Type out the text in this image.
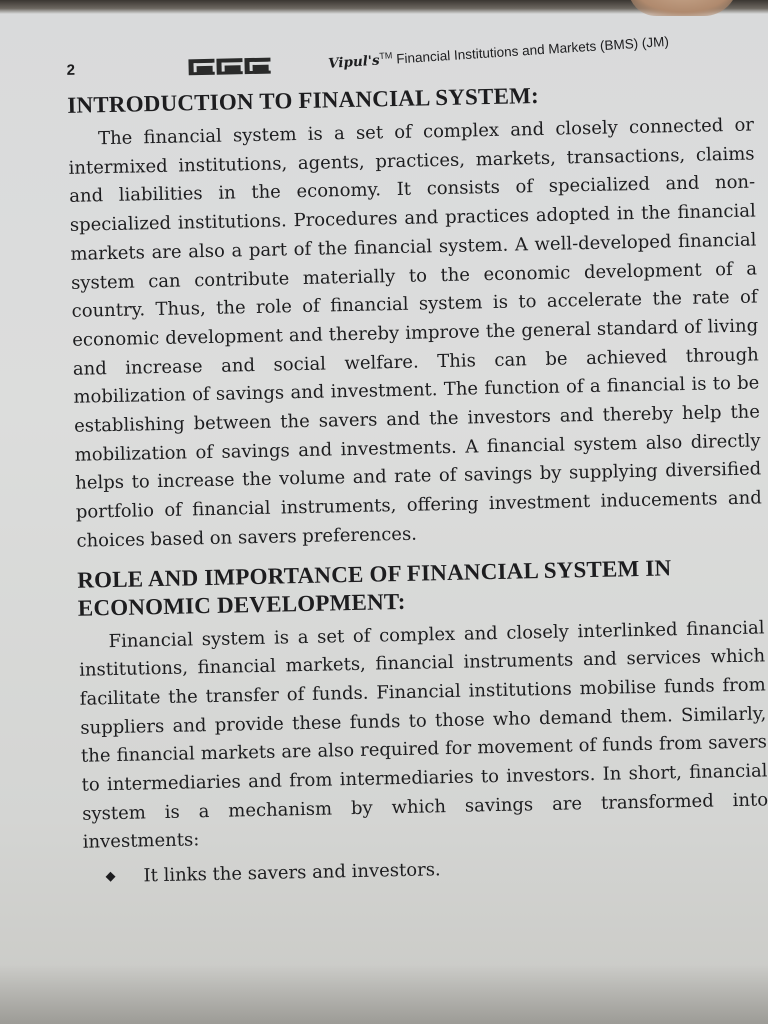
2	Vipul's™ Financial Institutions and Markets (BMS) (JM)
INTRODUCTION TO FINANCIAL SYSTEM:

The financial system is a set of complex and closely connected or intermixed institutions, agents, practices, markets, transactions, claims and liabilities in the economy. It consists of specialized and non-specialized institutions. Procedures and practices adopted in the financial markets are also a part of the financial system. A well-developed financial system can contribute materially to the economic development of a country. Thus, the role of financial system is to accelerate the rate of economic development and thereby improve the general standard of living and increase and social welfare. This can be achieved through mobilization of savings and investment. The function of a financial is to be establishing between the savers and the investors and thereby help the mobilization of savings and investments. A financial system also directly helps to increase the volume and rate of savings by supplying diversified portfolio of financial instruments, offering investment inducements and choices based on savers preferences.

ROLE AND IMPORTANCE OF FINANCIAL SYSTEM IN ECONOMIC DEVELOPMENT:

Financial system is a set of complex and closely interlinked financial institutions, financial markets, financial instruments and services which facilitate the transfer of funds. Financial institutions mobilise funds from suppliers and provide these funds to those who demand them. Similarly, the financial markets are also required for movement of funds from savers to intermediaries and from intermediaries to investors. In short, financial system is a mechanism by which savings are transformed into investments:

◆ It links the savers and investors.
